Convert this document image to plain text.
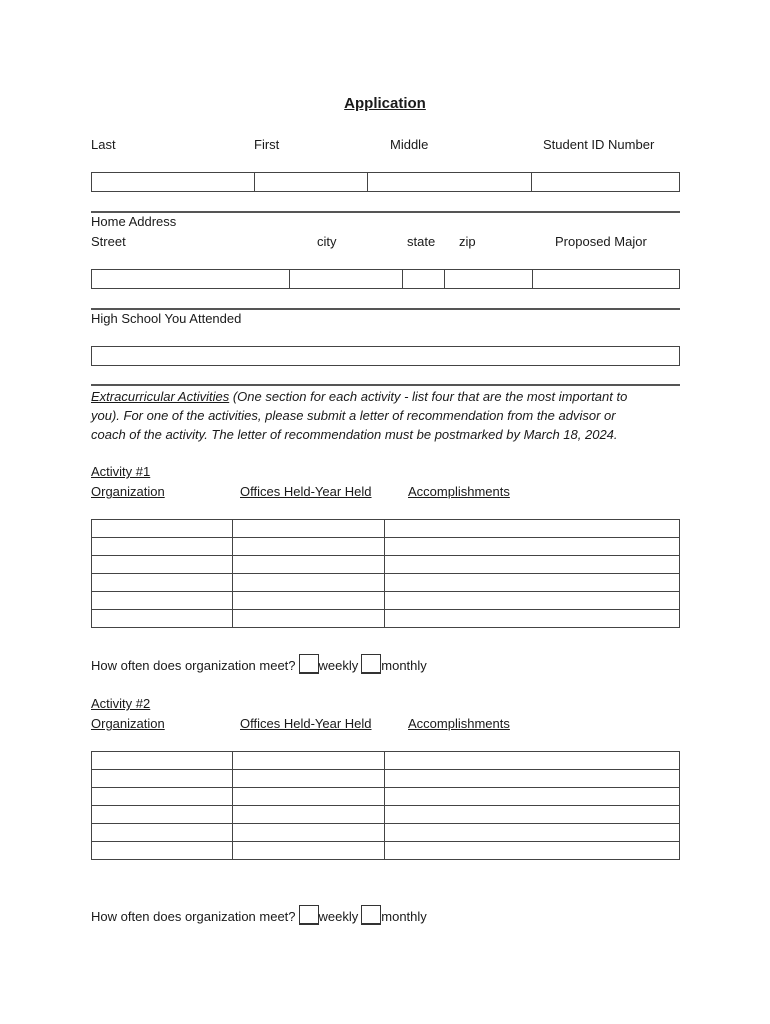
Application
Last	First	Middle	Student ID Number
Home Address
Street	city	state zip	Proposed Major
High School You Attended
Extracurricular Activities (One section for each activity - list four that are the most important to
you). For one of the activities, please submit a letter of recommendation from the advisor or
coach of the activity. The letter of recommendation must be postmarked by March 18, 2024.
Activity #1
Organization	Offices Held-Year Held	Accomplishments

How often does organization meet? weekly monthly
Activity #2
Organization	Offices Held-Year Held	Accomplishments

How often does organization meet? weekly monthly
